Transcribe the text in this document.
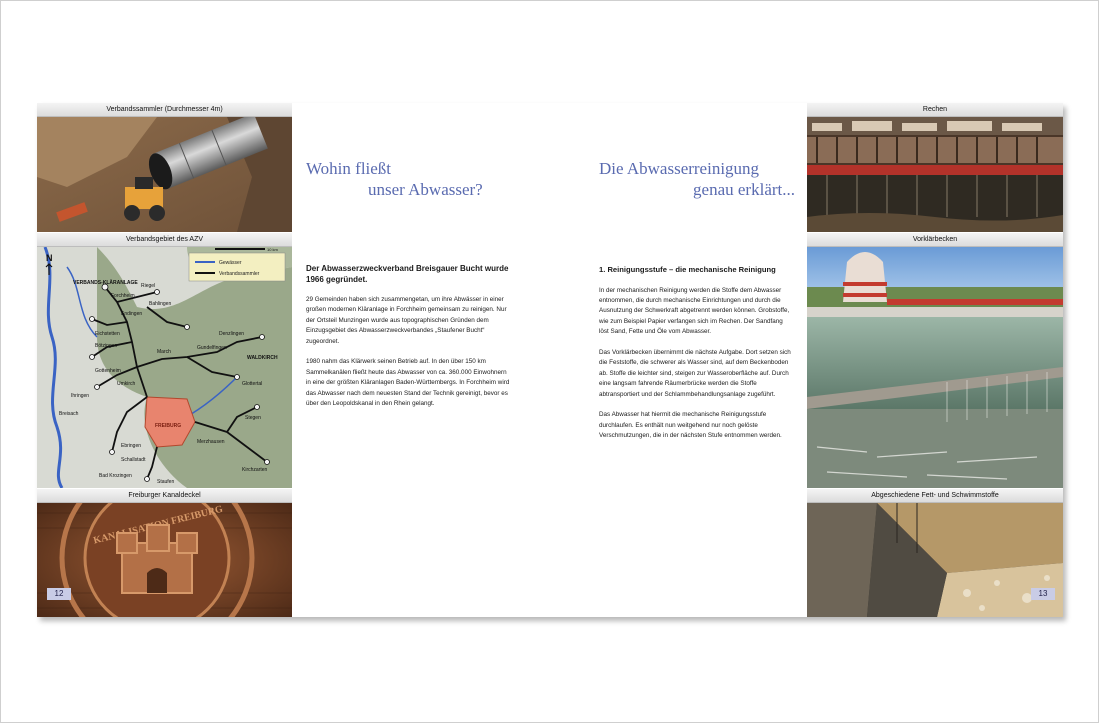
Verbandssammler (Durchmesser 4m)
Verbandsgebiet des AZV
Gewässer
Verbandssammler
VERBANDS-KLÄRANLAGE
Forchheim
Endingen
Riegel
Bahlingen
Eichstetten
Bötzingen
Gottenheim
Umkirch
March
Gundelfingen
Denzlingen
FREIBURG
Merzhausen
Ebringen
Schallstadt
Bad Krozingen
Staufen
Kirchzarten
Stegen
Glottertal
WALDKIRCH
Ihringen
Breisach
N
10 km
Freiburger Kanaldeckel
KANALISATION FREIBURG
12
Wohin fließt
unser Abwasser?
Der Abwasserzweckverband Breisgauer Bucht wurde 1966 gegründet.

29 Gemeinden haben sich zusammengetan, um ihre Abwässer in einer großen modernen Kläranlage in Forchheim gemeinsam zu reinigen. Nur der Ortsteil Munzingen wurde aus topographischen Gründen dem Einzugsgebiet des Abwasserzweckverbandes „Staufener Bucht“ zugeordnet.

1980 nahm das Klärwerk seinen Betrieb auf. In den über 150 km Sammelkanälen fließt heute das Abwasser von ca. 360.000 Einwohnern in eine der größten Kläranlagen Baden-Württembergs. In Forchheim wird das Abwasser nach dem neuesten Stand der Technik gereinigt, bevor es über den Leopoldskanal in den Rhein gelangt.

Die Abwasserreinigung
genau erklärt...
1. Reinigungsstufe – die mechanische Reinigung

In der mechanischen Reinigung werden die Stoffe dem Abwasser entnommen, die durch mechanische Einrichtungen und durch die Ausnutzung der Schwerkraft abgetrennt werden können. Grobstoffe, wie zum Beispiel Papier verfangen sich im Rechen. Der Sandfang löst Sand, Fette und Öle vom Abwasser.

Das Vorklärbecken übernimmt die nächste Aufgabe. Dort setzen sich die Feststoffe, die schwerer als Wasser sind, auf dem Beckenboden ab. Stoffe die leichter sind, steigen zur Wasseroberfläche auf. Durch eine langsam fahrende Räumerbrücke werden die Stoffe abtransportiert und der Schlammbehandlungsanlage zugeführt.

Das Abwasser hat hiermit die mechanische Reinigungsstufe durchlaufen. Es enthält nun weitgehend nur noch gelöste Verschmutzungen, die in der nächsten Stufe entnommen werden.

Rechen
Vorklärbecken
Abgeschiedene Fett- und Schwimmstoffe
13
